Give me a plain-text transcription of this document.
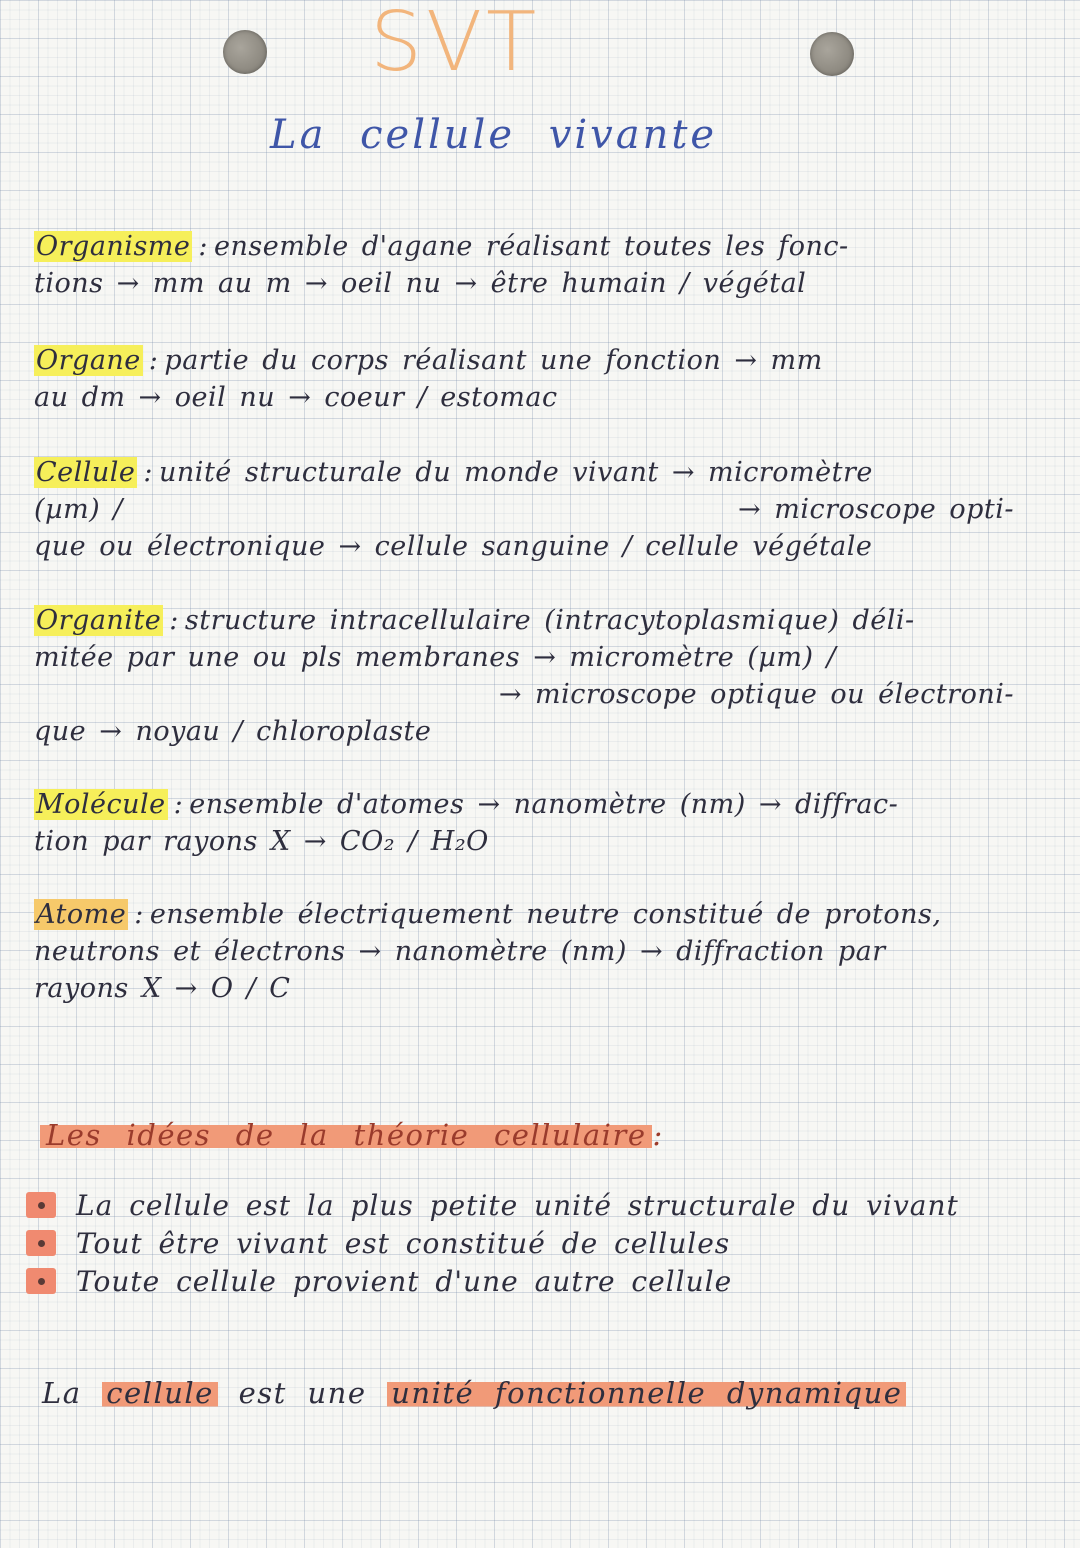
SVT
La cellule vivante
Organisme : ensemble d'agane réalisant toutes les fonc-
tions → mm au m → oeil nu → être humain / végétal
Organe : partie du corps réalisant une fonction → mm
au dm → oeil nu → coeur / estomac
Cellule : unité structurale du monde vivant → micromètre
(µm) /	→ microscope opti-
que ou électronique → cellule sanguine / cellule végétale
Organite : structure intracellulaire (intracytoplasmique) déli-
mitée par une ou pls membranes → micromètre (µm) /
→ microscope optique ou électroni-
que → noyau / chloroplaste
Molécule : ensemble d'atomes → nanomètre (nm) → diffrac-
tion par rayons X → CO₂ / H₂O
Atome : ensemble électriquement neutre constitué de protons,
neutrons et électrons → nanomètre (nm) → diffraction par
rayons X → O / C
Les idées de la théorie cellulaire :
La cellule est la plus petite unité structurale du vivant
Tout être vivant est constitué de cellules
Toute cellule provient d'une autre cellule
La cellule est une unité fonctionnelle dynamique
